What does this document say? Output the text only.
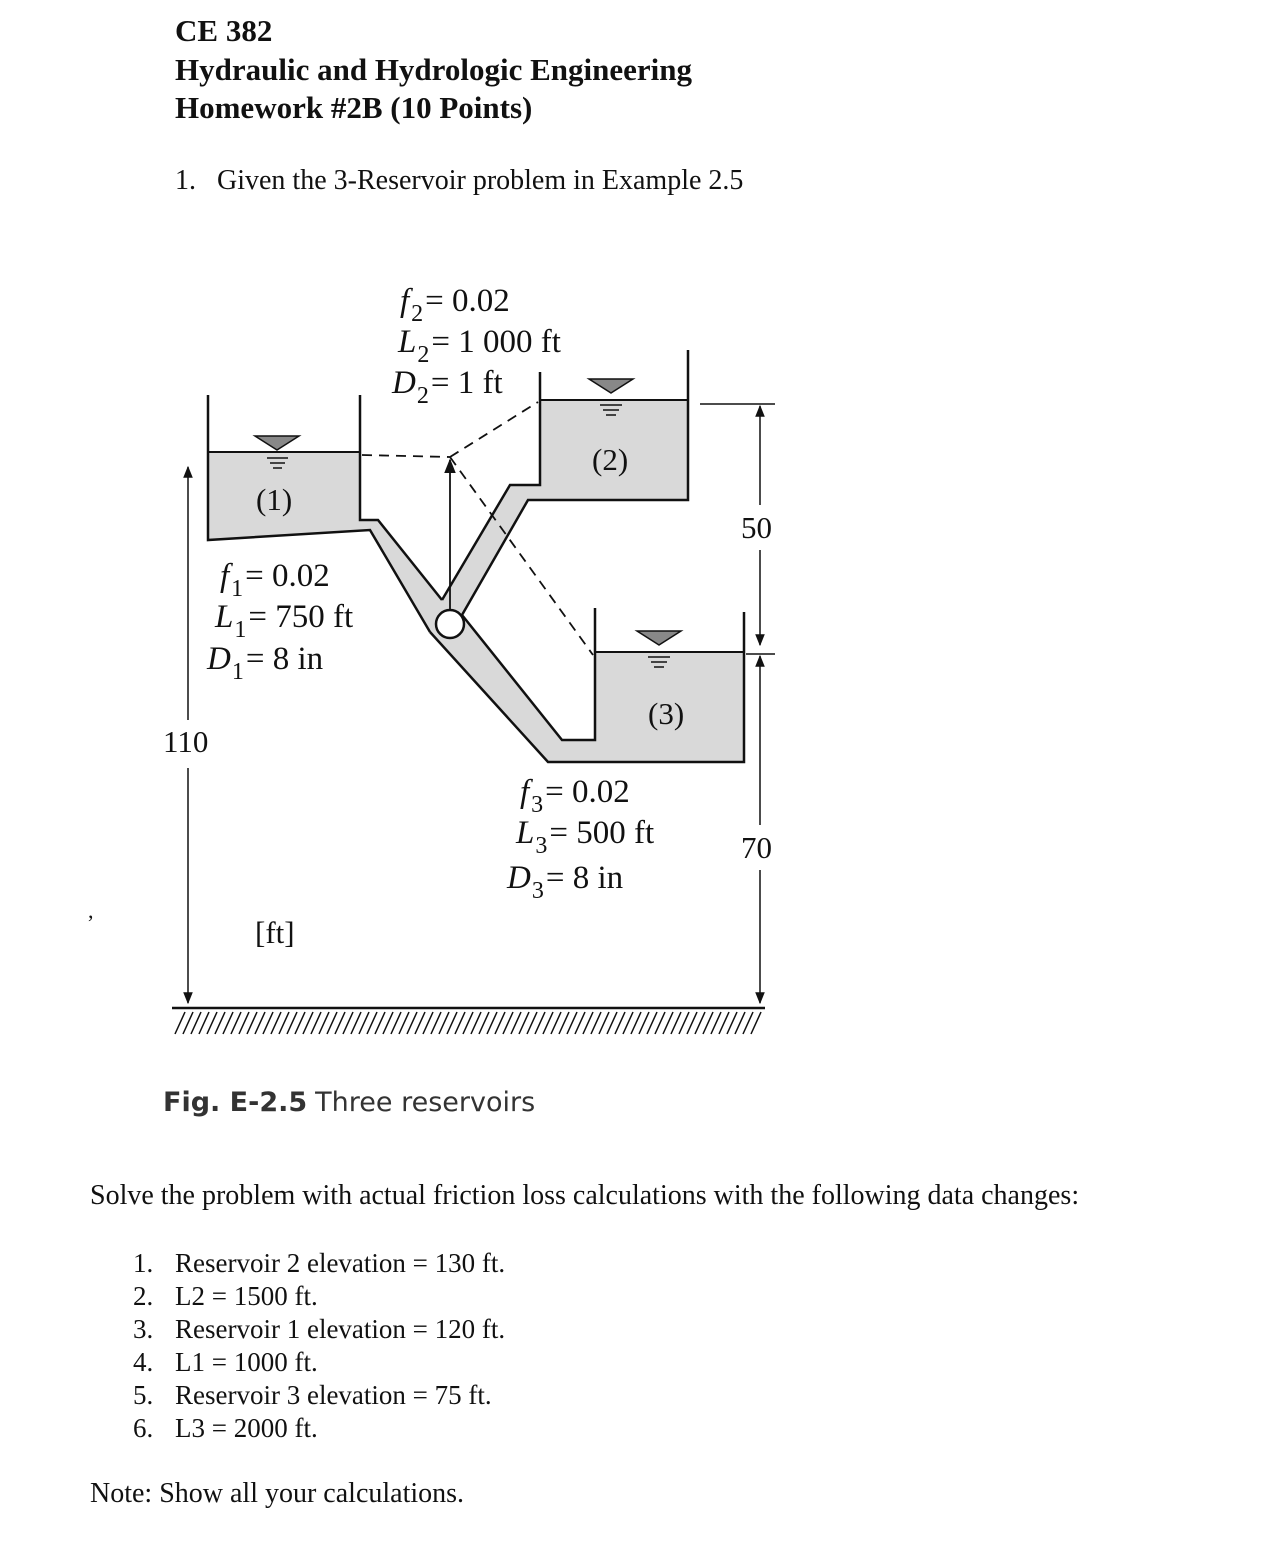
CE 382
Hydraulic and Hydrologic Engineering
Homework #2B (10 Points)
1. Given the 3-Reservoir problem in Example 2.5
$f_2= 0.02$
$L_2= 1$ 000 ft
$D_2= 1$ ft
$f_1= 0.02$
$L_1= 750$ ft
$D_1= 8$ in
$f_3= 0.02$
$L_3= 500$ ft
$D_3= 8$ in
(1)
(2)
(3)
110
50
70
[ft]
,
Fig. E-2.5 Three reservoirs
Solve the problem with actual friction loss calculations with the following data changes:
1. Reservoir 2 elevation = 130 ft.
2. L2 = 1500 ft.
3. Reservoir 1 elevation = 120 ft.
4. L1 = 1000 ft.
5. Reservoir 3 elevation = 75 ft.
6. L3 = 2000 ft.
Note: Show all your calculations.
